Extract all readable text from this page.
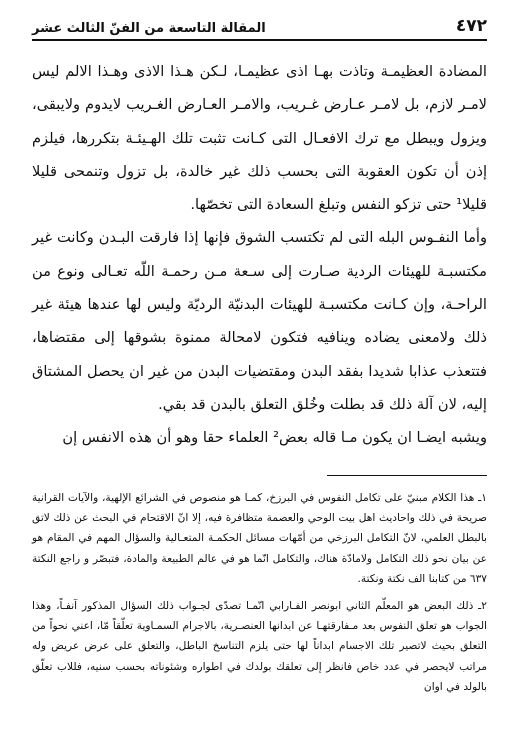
٤٧٢
المقالة التاسعة من الفنّ الثالث عشر

المضادة العظيمـة وتاذت بهـا اذى عظيمـا، لـكن هـذا الاذى وهـذا الالم ليس لامـر لازم، بل لامـر عـارض غـريب، والامـر العـارض الغـريب لايدوم ولايبقى، ويزول ويبطل مع ترك الافعـال التى كـانت تثبت تلك الهـيئـة بتكررها، فيلزم إذن أن تكون العقوبة التى بحسب ذلك غير خالدة، بل تزول وتنمحى قليلا قليلا¹ حتى تزكو النفس وتبلغ السعادة التى تخصّها.

وأما النفـوس البله التى لم تكتسب الشوق فإنها إذا فارقت البـدن وكانت غير مكتسبـة للهيئات الردية صـارت إلى سـعة مـن رحمـة اللّه تعـالى ونوع من الراحـة، وإن كـانت مكتسبـة للهيئات البدنيّة الرديّة وليس لها عندها هيئة غير ذلك ولامعنى يضاده وينافيه فتكون لامحالة ممنوة بشوقها إلى مقتضاها، فتتعذب عذابا شديدا بفقد البدن ومقتضيات البدن من غير ان يحصل المشتاق إليه، لان آلة ذلك قد بطلت وخُلق التعلق بالبدن قد بقي.

ويشبه ايضـا ان يكون مـا قاله بعض² العلماء حقا وهو أن هذه الانفس إن

١ـ هذا الكلام مبنيّ على تكامل النفوس في البرزخ، كمـا هو منصوص في الشرائع الإلهية، والآيات القرانية صريحة في ذلك واحاديث اهل بيت الوحي والعصمة متظافرة فيه، إلا انّ الاقتحام في البحث عن ذلك لاتق بالبطل العلمي، لانّ التكامل البرزخي من أمّهات مسائل الحكمـة المتعـالية والسؤال المهم في المقام هو عن بيان نحو ذلك التكامل ولامادّة هناك، والتكامل انّما هو في عالم الطبيعة والمادة، فتبصّر و راجع النكتة ٦٣٧ من كتابنا الف نكتة ونكتة.

٢ـ ذلك البعض هو المعلّم الثاني ابونصر الفـارابي انّمـا تصدّى لجـواب ذلك السؤال المذكور آنفـاً، وهذا الجواب هو تعلق النفوس بعد مـفارقتهـا عن ابدانها العنصـرية، بالاجرام السمـاوية تعلّقاً مّا، اعني نحواً من التعلق بحيث لاتصير تلك الاجسام ابداناً لها حتى يلزم التناسخ الباطل، والتعلق على عرض عريض وله مراتب لايحصر في عدد خاص فانظر إلى تعلقك بولدك في اطواره وشئوناته بحسب سنيه، فللاب تعلّق بالولد في اوان
